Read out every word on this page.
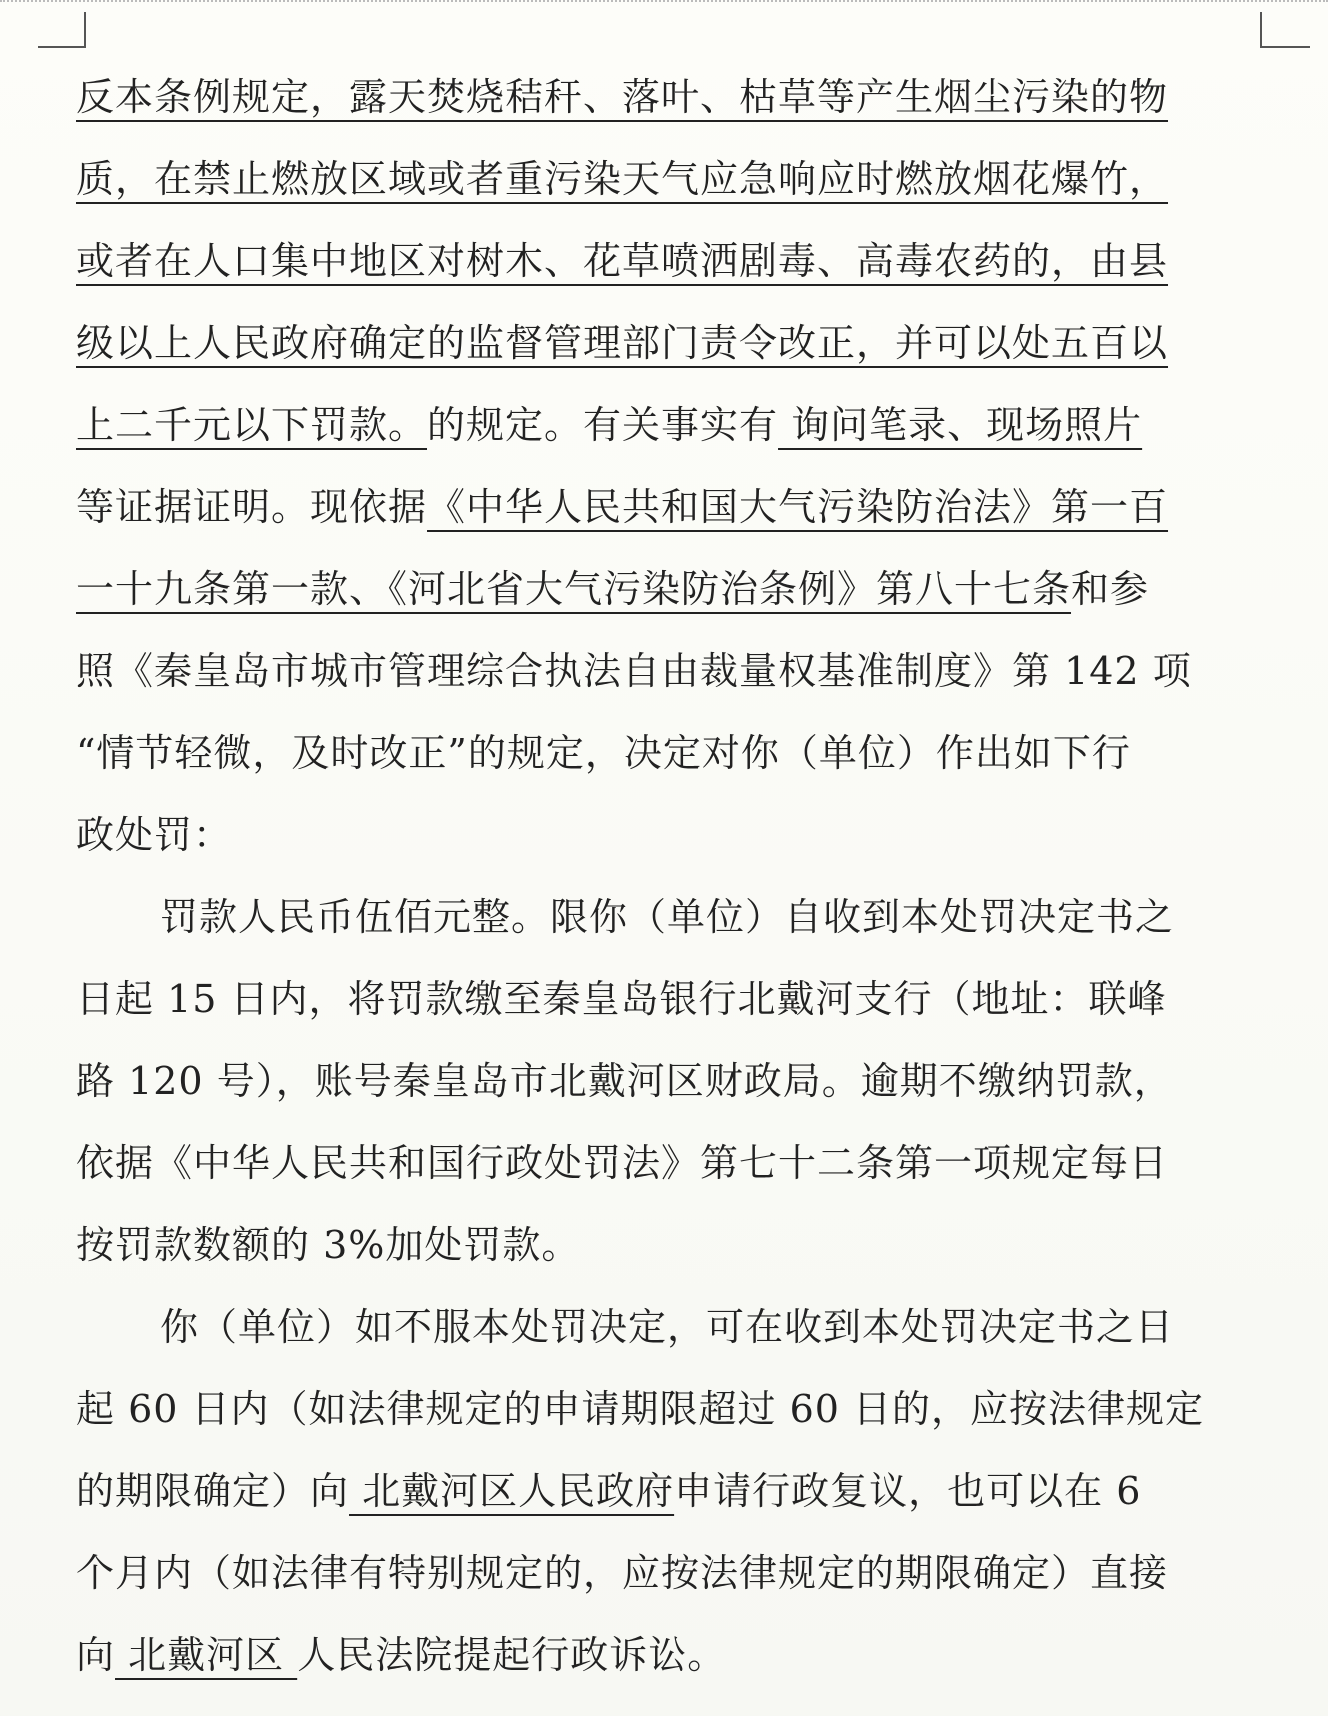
反本条例规定，露天焚烧秸秆、落叶、枯草等产生烟尘污染的物
质，在禁止燃放区域或者重污染天气应急响应时燃放烟花爆竹，
或者在人口集中地区对树木、花草喷洒剧毒、高毒农药的，由县
级以上人民政府确定的监督管理部门责令改正，并可以处五百以
上二千元以下罚款。的规定。有关事实有 询问笔录、现场照片
等证据证明。现依据《中华人民共和国大气污染防治法》第一百
一十九条第一款、《河北省大气污染防治条例》第八十七条和参
照《秦皇岛市城市管理综合执法自由裁量权基准制度》第 142 项
“情节轻微，及时改正”的规定，决定对你（单位）作出如下行
政处罚：
罚款人民币伍佰元整。限你（单位）自收到本处罚决定书之
日起 15 日内，将罚款缴至秦皇岛银行北戴河支行（地址：联峰
路 120 号），账号秦皇岛市北戴河区财政局。逾期不缴纳罚款，
依据《中华人民共和国行政处罚法》第七十二条第一项规定每日
按罚款数额的 3%加处罚款。
你（单位）如不服本处罚决定，可在收到本处罚决定书之日
起 60 日内（如法律规定的申请期限超过 60 日的，应按法律规定
的期限确定）向 北戴河区人民政府申请行政复议，也可以在 6
个月内（如法律有特别规定的，应按法律规定的期限确定）直接
向 北戴河区 人民法院提起行政诉讼。
